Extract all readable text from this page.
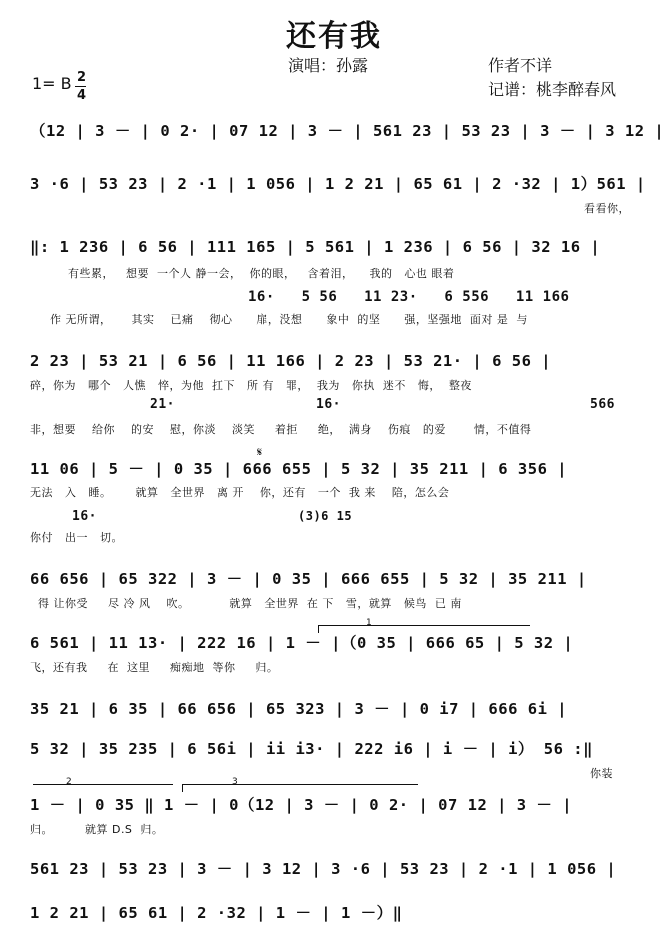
还有我
演唱：孙露	作者不详
记谱：桃李醉春风
1= B 2
4
（12 | 3 － | 0 2· | 07 12 | 3 － | 561 23 | 53 23 | 3 － | 3 12 |
3 ·6 | 53 23 | 2 ·1 | 1 056 | 1 2 21 | 65 61 | 2 ·32 | 1）561 |
看看你，
‖: 1 236 | 6 56 | 111 165 | 5 561 | 1 236 | 6 56 | 32 16 |
有些累，   想要  一个人 静一会，  你的眼，   含着泪，    我的   心也 眼着
16·   5 56   11 23·   6 556   11 166
作 无所谓，     其实    已痛    彻心      扉，没想      象中  的坚      强，坚强地  面对 是  与
2 23 | 53 21 | 6 56 | 11 166 | 2 23 | 53 21· | 6 56 |
碎，你为   哪个   人憔   悴，为他  扛下   所 有   罪，  我为   你执  迷不   悔，  整夜
21·	16·	566
非，想要    给你    的安    慰，你淡    淡笑     着拒     绝，  满身    伤痕   的爱       情，不值得
11 06 | 5 － | 0 35 | 666 655 | 5 32 | 35 211 | 6 356 |
𝄋
无法   入   睡。      就算   全世界   离 开    你，还有   一个  我 来    陪，怎么会
16·
你付   出一   切。
(3)6 15
66 656 | 65 322 | 3 － | 0 35 | 666 655 | 5 32 | 35 211 |
得 让你受     尽 冷 风    吹。          就算   全世界  在 下   雪，就算   候鸟  已 南
1
6 561 | 11 13· | 222 16 | 1 － |（0 35 | 666 65 | 5 32 |
飞，还有我     在  这里     痴痴地  等你     归。
35 21 | 6 35 | 66 656 | 65 323 | 3 － | 0 i7 | 666 6i |
5 32 | 35 235 | 6 56i | ii i3· | 222 i6 | i － | i） 56 :‖
你装
2	3
1 － | 0 35 ‖ 1 － | 0（12 | 3 － | 0 2· | 07 12 | 3 － |
归。        就算 D.S  归。
561 23 | 53 23 | 3 － | 3 12 | 3 ·6 | 53 23 | 2 ·1 | 1 056 |
1 2 21 | 65 61 | 2 ·32 | 1 － | 1 －）‖
